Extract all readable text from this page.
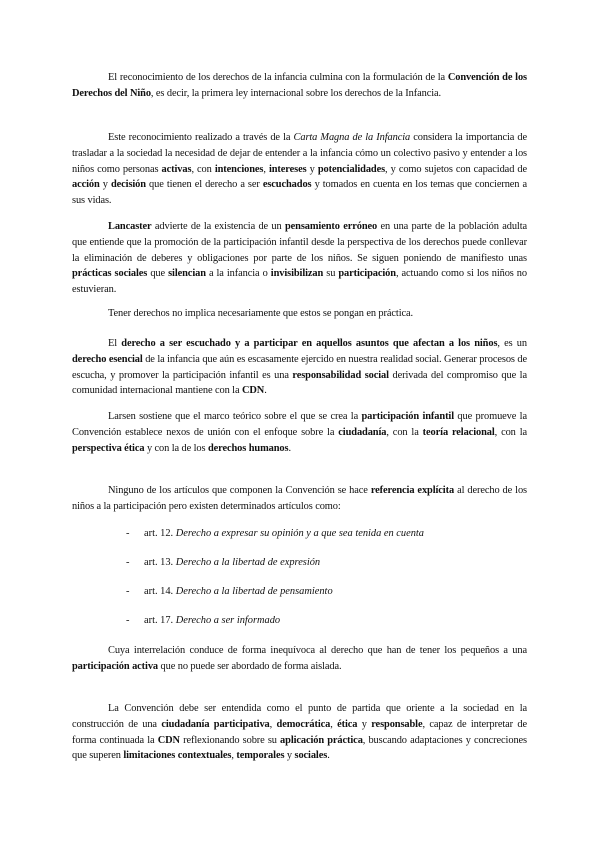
El reconocimiento de los derechos de la infancia culmina con la formulación de la Convención de los Derechos del Niño, es decir, la primera ley internacional sobre los derechos de la Infancia.

Este reconocimiento realizado a través de la Carta Magna de la Infancia considera la importancia de trasladar a la sociedad la necesidad de dejar de entender a la infancia cómo un colectivo pasivo y entender a los niños como personas activas, con intenciones, intereses y potencialidades, y como sujetos con capacidad de acción y decisión que tienen el derecho a ser escuchados y tomados en cuenta en los temas que conciernen a sus vidas.

Lancaster advierte de la existencia de un pensamiento erróneo en una parte de la población adulta que entiende que la promoción de la participación infantil desde la perspectiva de los derechos puede conllevar la eliminación de deberes y obligaciones por parte de los niños. Se siguen poniendo de manifiesto unas prácticas sociales que silencian a la infancia o invisibilizan su participación, actuando como si los niños no estuvieran.

Tener derechos no implica necesariamente que estos se pongan en práctica.

El derecho a ser escuchado y a participar en aquellos asuntos que afectan a los niños, es un derecho esencial de la infancia que aún es escasamente ejercido en nuestra realidad social. Generar procesos de escucha, y promover la participación infantil es una responsabilidad social derivada del compromiso que la comunidad internacional mantiene con la CDN.

Larsen sostiene que el marco teórico sobre el que se crea la participación infantil que promueve la Convención establece nexos de unión con el enfoque sobre la ciudadanía, con la teoría relacional, con la perspectiva ética y con la de los derechos humanos.

Ninguno de los artículos que componen la Convención se hace referencia explícita al derecho de los niños a la participación pero existen determinados artículos como:

- art. 12. Derecho a expresar su opinión y a que sea tenida en cuenta
- art. 13. Derecho a la libertad de expresión
- art. 14. Derecho a la libertad de pensamiento
- art. 17. Derecho a ser informado

Cuya interrelación conduce de forma inequívoca al derecho que han de tener los pequeños a una participación activa que no puede ser abordado de forma aislada.

La Convención debe ser entendida como el punto de partida que oriente a la sociedad en la construcción de una ciudadanía participativa, democrática, ética y responsable, capaz de interpretar de forma continuada la CDN reflexionando sobre su aplicación práctica, buscando adaptaciones y concreciones que superen limitaciones contextuales, temporales y sociales.
